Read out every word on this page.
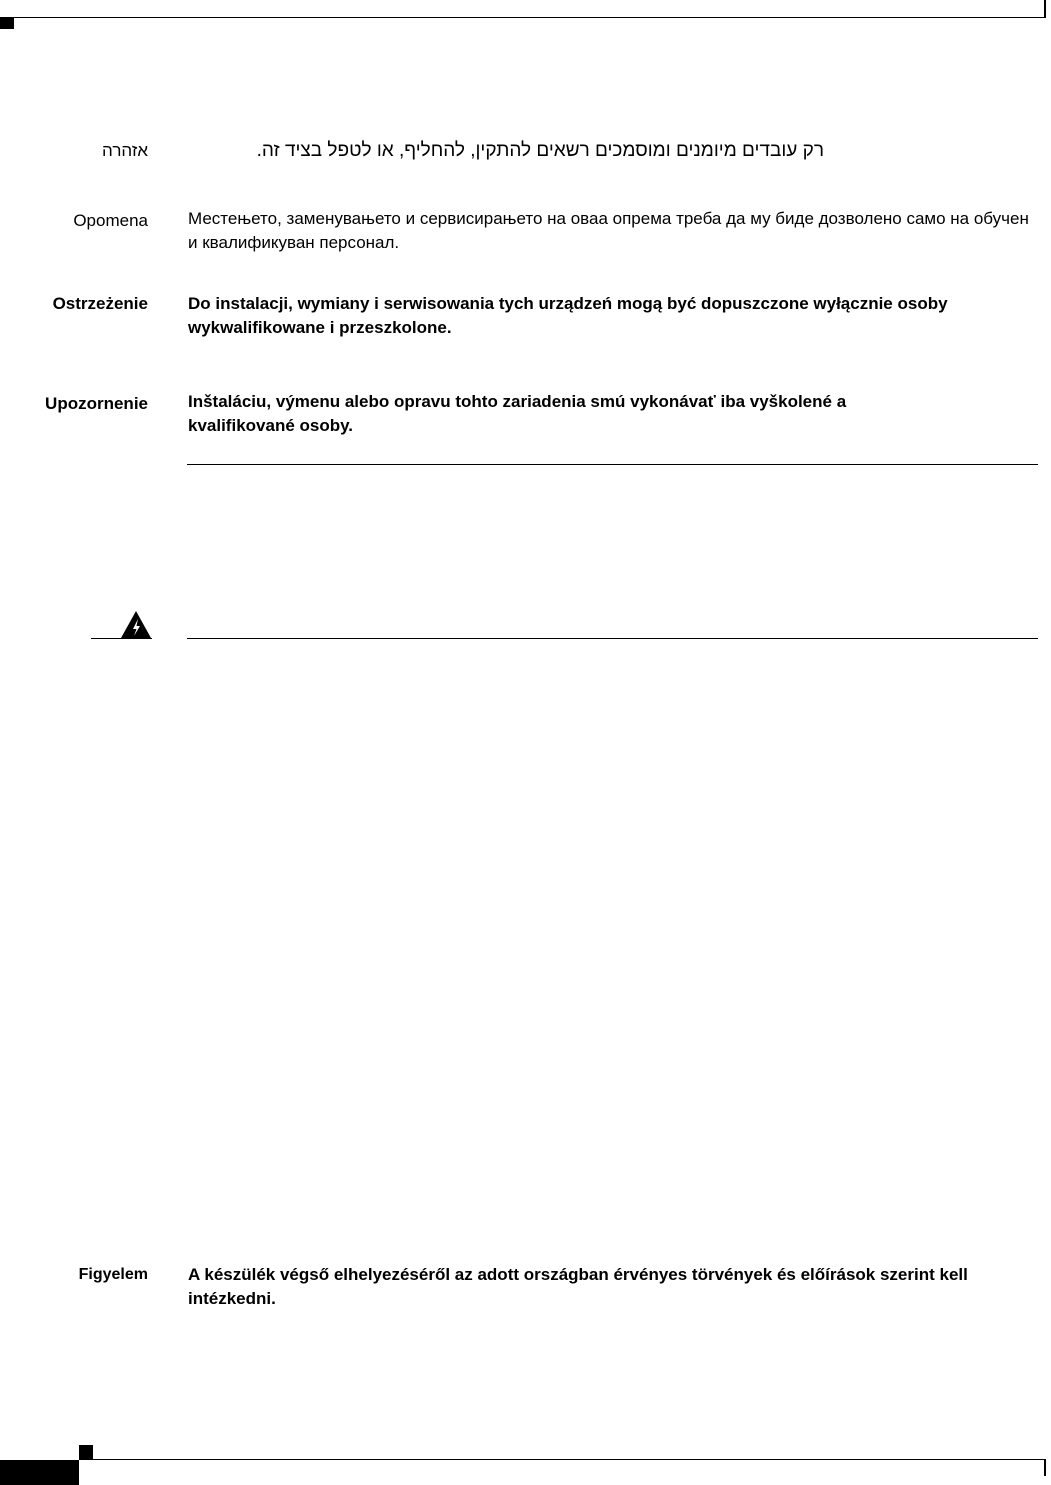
אזהרה	רק עובדים מיומנים ומוסמכים רשאים להתקין, להחליף, או לטפל בציד זה.
Opomena Местењето, заменувањето и сервисирањето на оваа опрема треба да му биде дозволено само на обучен и квалификуван персонал.
Ostrzeżenie Do instalacji, wymiany i serwisowania tych urządzeń mogą być dopuszczone wyłącznie osoby wykwalifikowane i przeszkolone.
Upozornenie Inštaláciu, výmenu alebo opravu tohto zariadenia smú vykonávať iba vyškolené a kvalifikované osoby.
Figyelem A készülék végső elhelyezéséről az adott országban érvényes törvények és előírások szerint kell intézkedni.
